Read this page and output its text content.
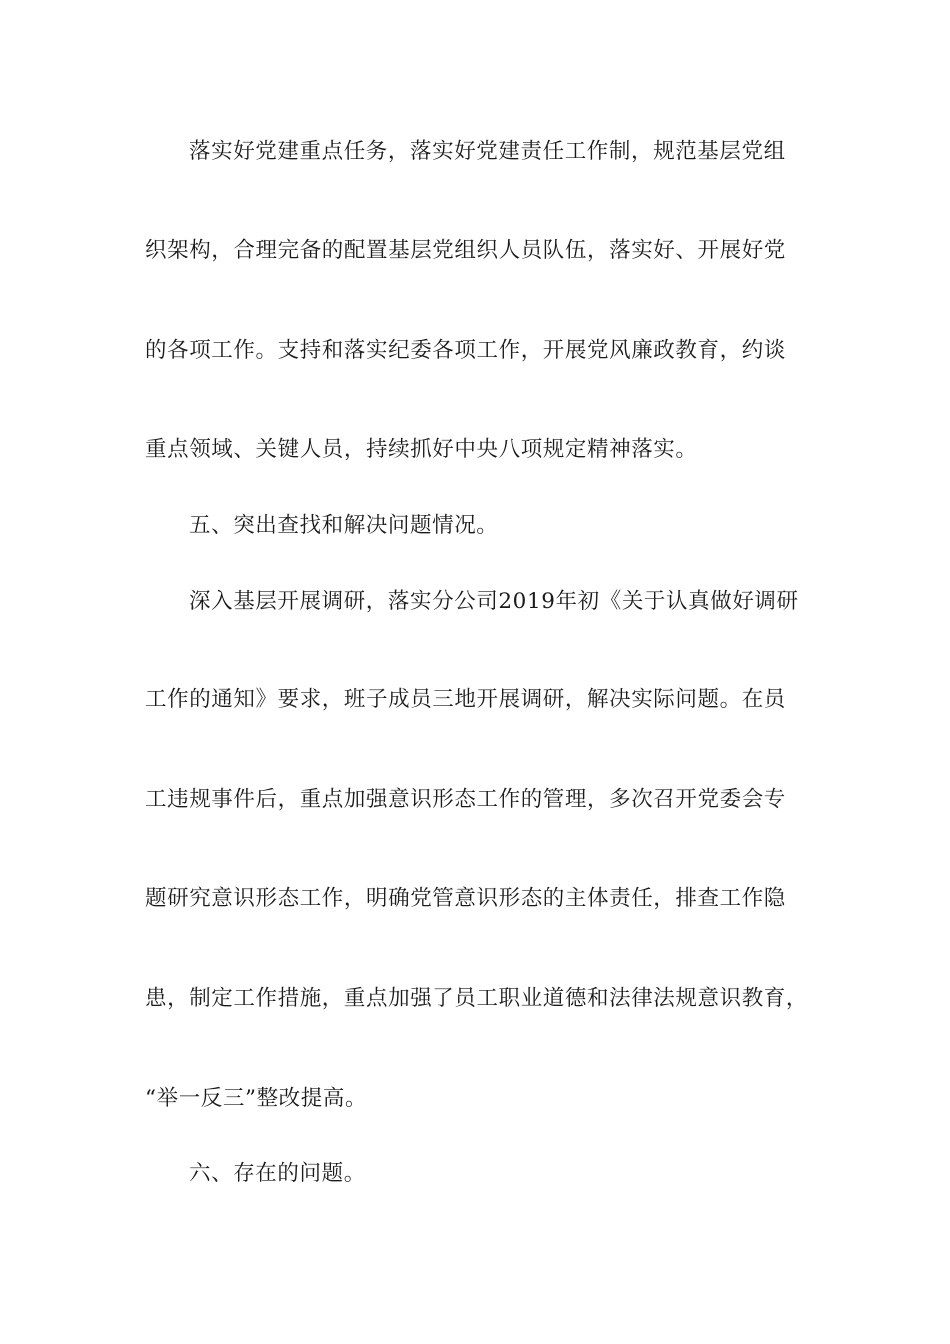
落实好党建重点任务，落实好党建责任工作制，规范基层党组
织架构，合理完备的配置基层党组织人员队伍，落实好、开展好党
的各项工作。支持和落实纪委各项工作，开展党风廉政教育，约谈
重点领域、关键人员，持续抓好中央八项规定精神落实。
五、突出查找和解决问题情况。
深入基层开展调研，落实分公司2019年初《关于认真做好调研
工作的通知》要求，班子成员三地开展调研，解决实际问题。在员
工违规事件后，重点加强意识形态工作的管理，多次召开党委会专
题研究意识形态工作，明确党管意识形态的主体责任，排查工作隐
患，制定工作措施，重点加强了员工职业道德和法律法规意识教育，
“举一反三”整改提高。
六、存在的问题。
